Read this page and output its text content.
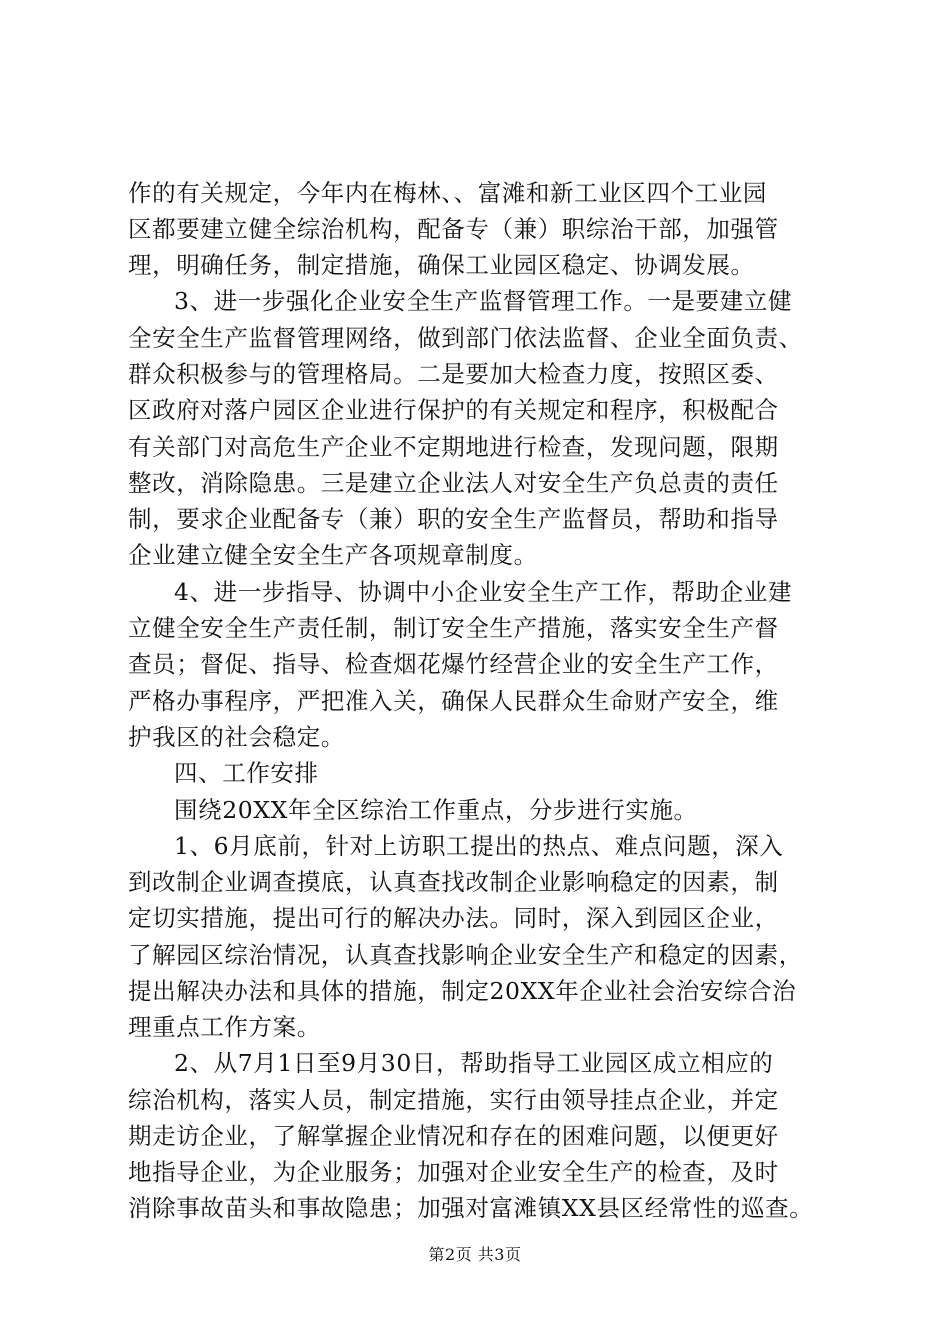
作的有关规定，今年内在梅林、、富滩和新工业区四个工业园
区都要建立健全综治机构，配备专（兼）职综治干部，加强管
理，明确任务，制定措施，确保工业园区稳定、协调发展。
3、进一步强化企业安全生产监督管理工作。一是要建立健
全安全生产监督管理网络，做到部门依法监督、企业全面负责、
群众积极参与的管理格局。二是要加大检查力度，按照区委、
区政府对落户园区企业进行保护的有关规定和程序，积极配合
有关部门对高危生产企业不定期地进行检查，发现问题，限期
整改，消除隐患。三是建立企业法人对安全生产负总责的责任
制，要求企业配备专（兼）职的安全生产监督员，帮助和指导
企业建立健全安全生产各项规章制度。
4、进一步指导、协调中小企业安全生产工作，帮助企业建
立健全安全生产责任制，制订安全生产措施，落实安全生产督
查员；督促、指导、检查烟花爆竹经营企业的安全生产工作，
严格办事程序，严把准入关，确保人民群众生命财产安全，维
护我区的社会稳定。
四、工作安排
围绕20XX年全区综治工作重点，分步进行实施。
1、6月底前，针对上访职工提出的热点、难点问题，深入
到改制企业调查摸底，认真查找改制企业影响稳定的因素，制
定切实措施，提出可行的解决办法。同时，深入到园区企业，
了解园区综治情况，认真查找影响企业安全生产和稳定的因素，
提出解决办法和具体的措施，制定20XX年企业社会治安综合治
理重点工作方案。
2、从7月1日至9月30日，帮助指导工业园区成立相应的
综治机构，落实人员，制定措施，实行由领导挂点企业，并定
期走访企业，了解掌握企业情况和存在的困难问题，以便更好
地指导企业，为企业服务；加强对企业安全生产的检查，及时
消除事故苗头和事故隐患；加强对富滩镇XX县区经常性的巡查。
第2页 共3页
